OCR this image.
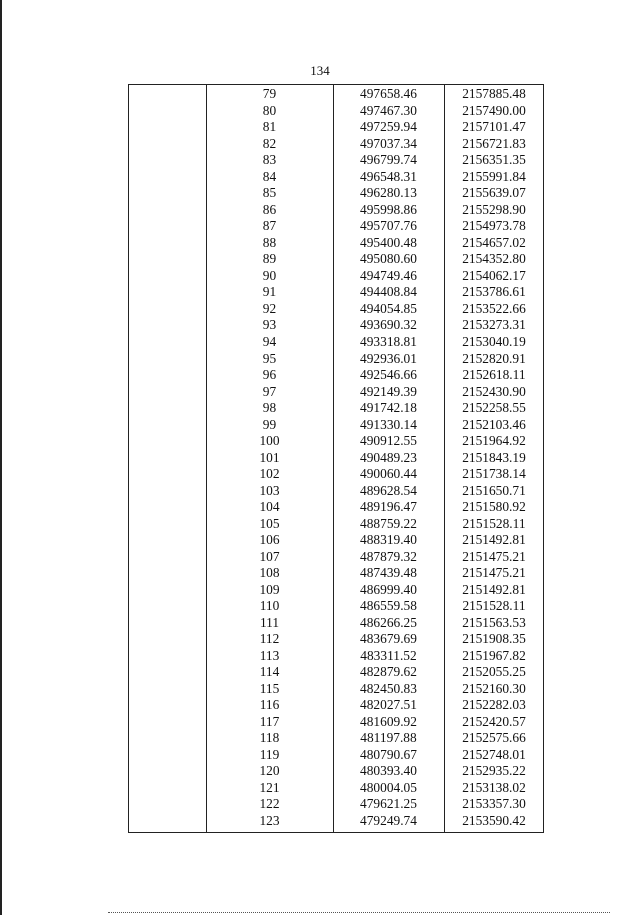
134
	79	497658.46	2157885.48
	80	497467.30	2157490.00
	81	497259.94	2157101.47
	82	497037.34	2156721.83
	83	496799.74	2156351.35
	84	496548.31	2155991.84
	85	496280.13	2155639.07
	86	495998.86	2155298.90
	87	495707.76	2154973.78
	88	495400.48	2154657.02
	89	495080.60	2154352.80
	90	494749.46	2154062.17
	91	494408.84	2153786.61
	92	494054.85	2153522.66
	93	493690.32	2153273.31
	94	493318.81	2153040.19
	95	492936.01	2152820.91
	96	492546.66	2152618.11
	97	492149.39	2152430.90
	98	491742.18	2152258.55
	99	491330.14	2152103.46
	100	490912.55	2151964.92
	101	490489.23	2151843.19
	102	490060.44	2151738.14
	103	489628.54	2151650.71
	104	489196.47	2151580.92
	105	488759.22	2151528.11
	106	488319.40	2151492.81
	107	487879.32	2151475.21
	108	487439.48	2151475.21
	109	486999.40	2151492.81
	110	486559.58	2151528.11
	111	486266.25	2151563.53
	112	483679.69	2151908.35
	113	483311.52	2151967.82
	114	482879.62	2152055.25
	115	482450.83	2152160.30
	116	482027.51	2152282.03
	117	481609.92	2152420.57
	118	481197.88	2152575.66
	119	480790.67	2152748.01
	120	480393.40	2152935.22
	121	480004.05	2153138.02
	122	479621.25	2153357.30
	123	479249.74	2153590.42
